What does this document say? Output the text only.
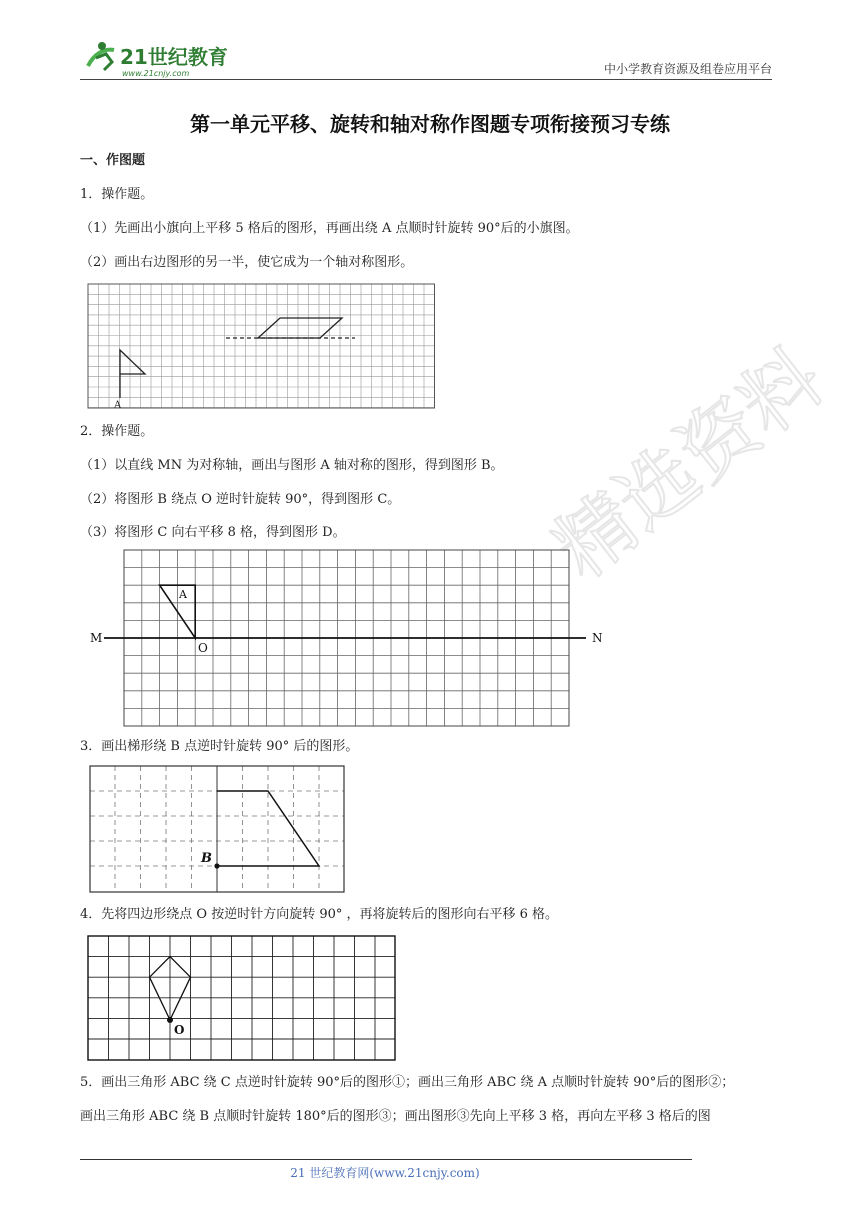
21世纪教育
www.21cnjy.com	中小学教育资源及组卷应用平台
精选资料
第一单元平移、旋转和轴对称作图题专项衔接预习专练
一、作图题
1．操作题。
（1）先画出小旗向上平移 5 格后的图形，再画出绕 A 点顺时针旋转 90°后的小旗图。
（2）画出右边图形的另一半，使它成为一个轴对称图形。
A
2．操作题。
（1）以直线 MN 为对称轴，画出与图形 A 轴对称的图形，得到图形 B。
（2）将图形 B 绕点 O 逆时针旋转 90°，得到图形 C。
（3）将图形 C 向右平移 8 格，得到图形 D。
A
M	N
O
3．画出梯形绕 B 点逆时针旋转 90° 后的图形。
B
4．先将四边形绕点 O 按逆时针方向旋转 90° ，再将旋转后的图形向右平移 6 格。
O
5．画出三角形 ABC 绕 C 点逆时针旋转 90°后的图形①；画出三角形 ABC 绕 A 点顺时针旋转 90°后的图形②；
画出三角形 ABC 绕 B 点顺时针旋转 180°后的图形③；画出图形③先向上平移 3 格，再向左平移 3 格后的图
21 世纪教育网(www.21cnjy.com)
